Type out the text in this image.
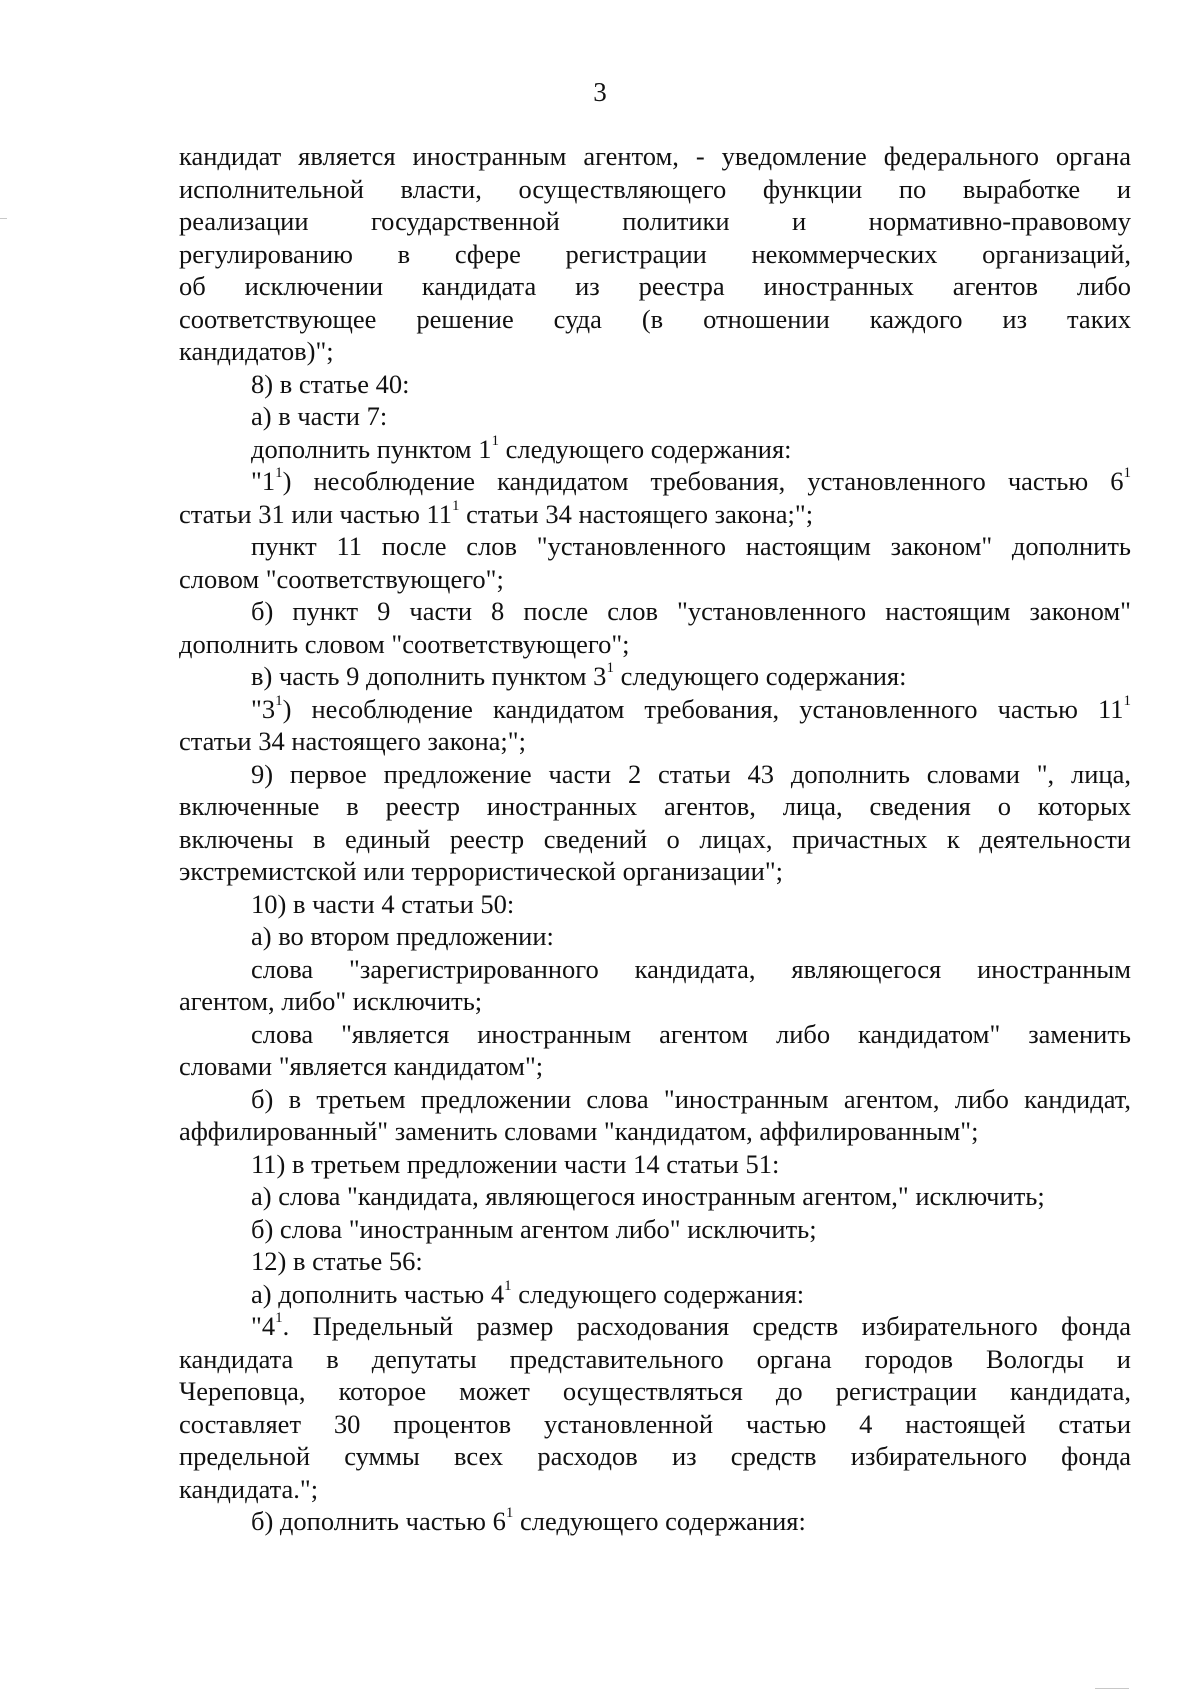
3
кандидат является иностранным агентом, - уведомление федерального органа
исполнительной власти, осуществляющего функции по выработке и
реализации государственной политики и нормативно-правовому
регулированию в сфере регистрации некоммерческих организаций,
об исключении кандидата из реестра иностранных агентов либо
соответствующее решение суда (в отношении каждого из таких
кандидатов)";
8) в статье 40:
а) в части 7:
дополнить пунктом $1^1$ следующего содержания:
"$1^1$) несоблюдение кандидатом требования, установленного частью $6^1$
статьи 31 или частью $11^1$ статьи 34 настоящего закона;";
пункт 11 после слов "установленного настоящим законом" дополнить
словом "соответствующего";
б) пункт 9 части 8 после слов "установленного настоящим законом"
дополнить словом "соответствующего";
в) часть 9 дополнить пунктом $3^1$ следующего содержания:
"$3^1$) несоблюдение кандидатом требования, установленного частью $11^1$
статьи 34 настоящего закона;";
9) первое предложение части 2 статьи 43 дополнить словами ", лица,
включенные в реестр иностранных агентов, лица, сведения о которых
включены в единый реестр сведений о лицах, причастных к деятельности
экстремистской или террористической организации";
10) в части 4 статьи 50:
а) во втором предложении:
слова "зарегистрированного кандидата, являющегося иностранным
агентом, либо" исключить;
слова "является иностранным агентом либо кандидатом" заменить
словами "является кандидатом";
б) в третьем предложении слова "иностранным агентом, либо кандидат,
аффилированный" заменить словами "кандидатом, аффилированным";
11) в третьем предложении части 14 статьи 51:
а) слова "кандидата, являющегося иностранным агентом," исключить;
б) слова "иностранным агентом либо" исключить;
12) в статье 56:
а) дополнить частью $4^1$ следующего содержания:
"$4^1$. Предельный размер расходования средств избирательного фонда
кандидата в депутаты представительного органа городов Вологды и
Череповца, которое может осуществляться до регистрации кандидата,
составляет 30 процентов установленной частью 4 настоящей статьи
предельной суммы всех расходов из средств избирательного фонда
кандидата.";
б) дополнить частью $6^1$ следующего содержания:
